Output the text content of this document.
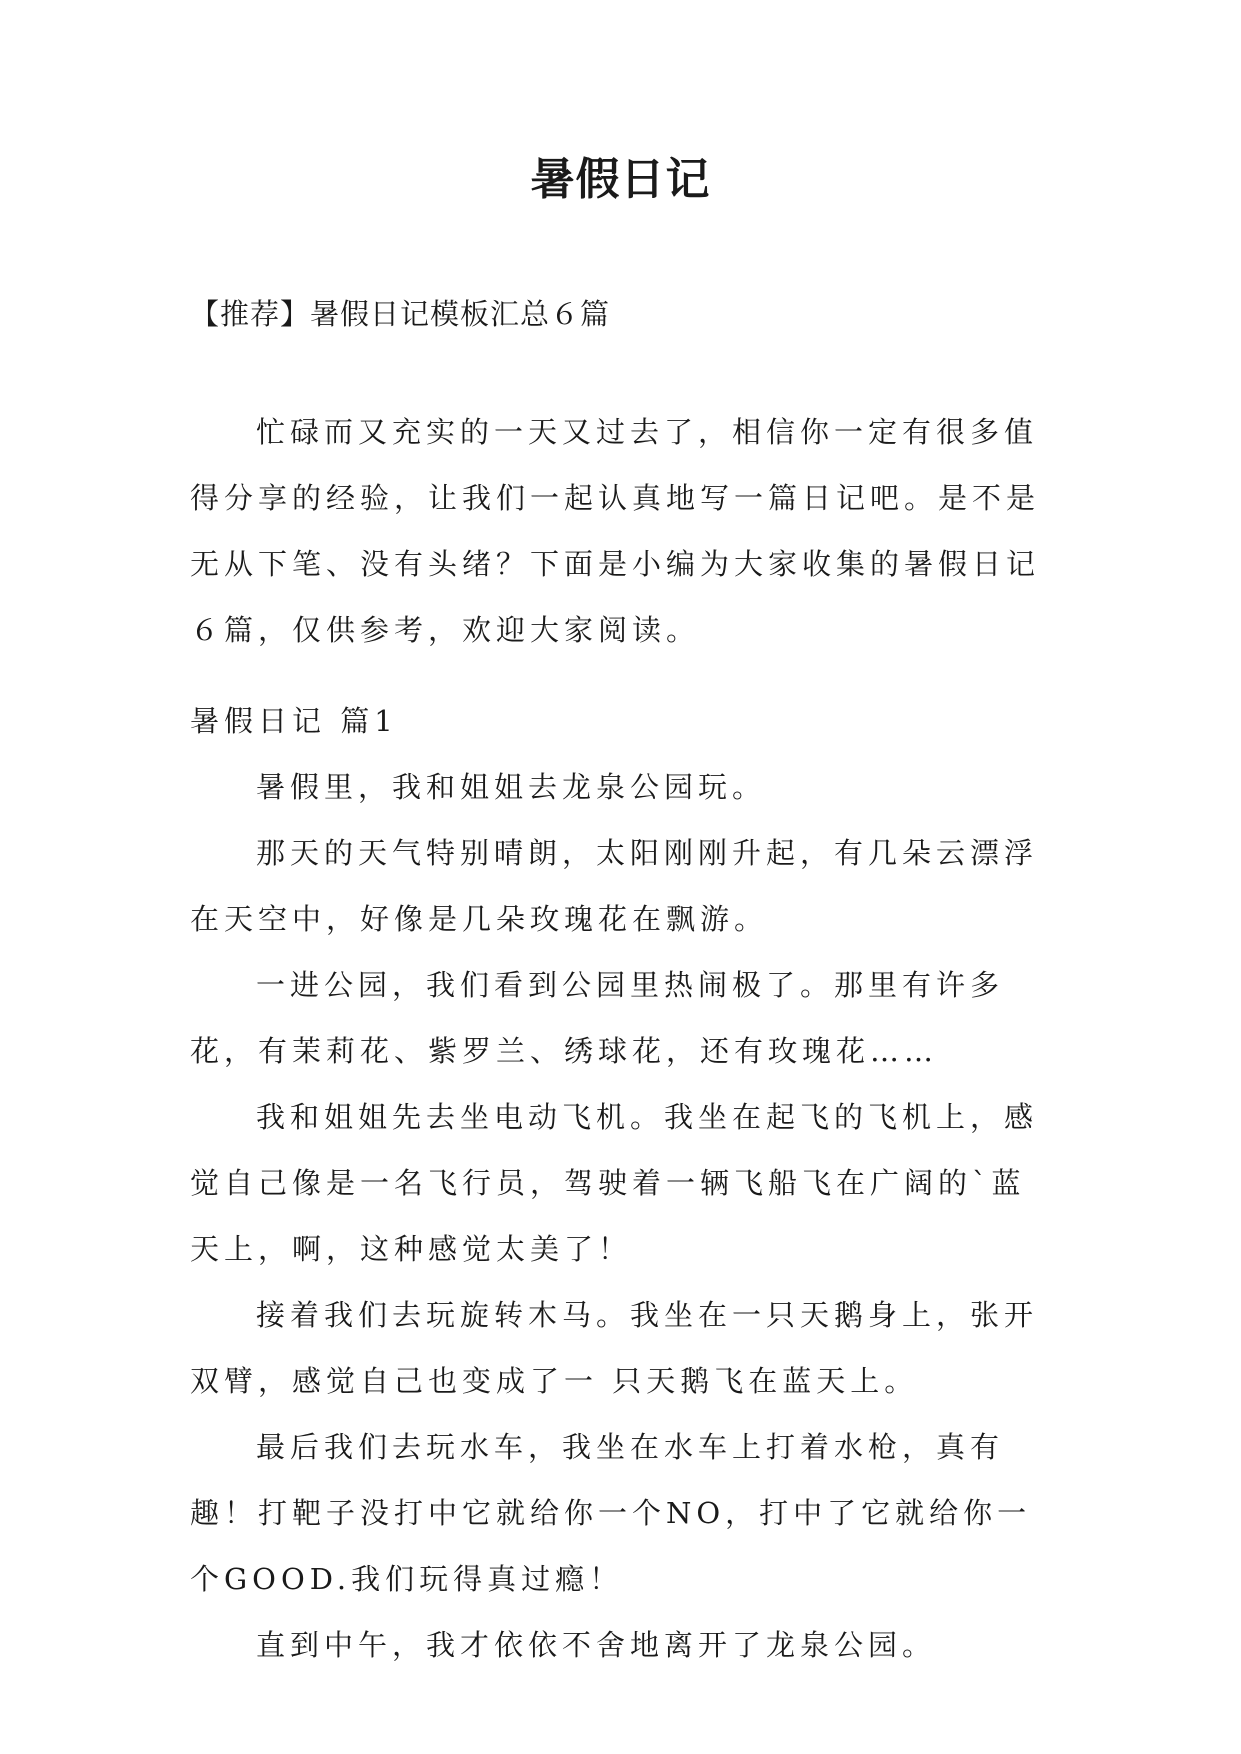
暑假日记
【推荐】暑假日记模板汇总６篇

忙碌而又充实的一天又过去了，相信你一定有很多值得分享的经验，让我们一起认真地写一篇日记吧。是不是无从下笔、没有头绪？下面是小编为大家收集的暑假日记６篇，仅供参考，欢迎大家阅读。

暑假日记 篇1

暑假里，我和姐姐去龙泉公园玩。

那天的天气特别晴朗，太阳刚刚升起，有几朵云漂浮在天空中，好像是几朵玫瑰花在飘游。

一进公园，我们看到公园里热闹极了。那里有许多花，有茉莉花、紫罗兰、绣球花，还有玫瑰花……

我和姐姐先去坐电动飞机。我坐在起飞的飞机上，感觉自己像是一名飞行员，驾驶着一辆飞船飞在广阔的`蓝天上，啊，这种感觉太美了！

接着我们去玩旋转木马。我坐在一只天鹅身上，张开双臂，感觉自己也变成了一 只天鹅飞在蓝天上。

最后我们去玩水车，我坐在水车上打着水枪，真有趣！打靶子没打中它就给你一个NO，打中了它就给你一个GOOD.我们玩得真过瘾！

直到中午，我才依依不舍地离开了龙泉公园。
